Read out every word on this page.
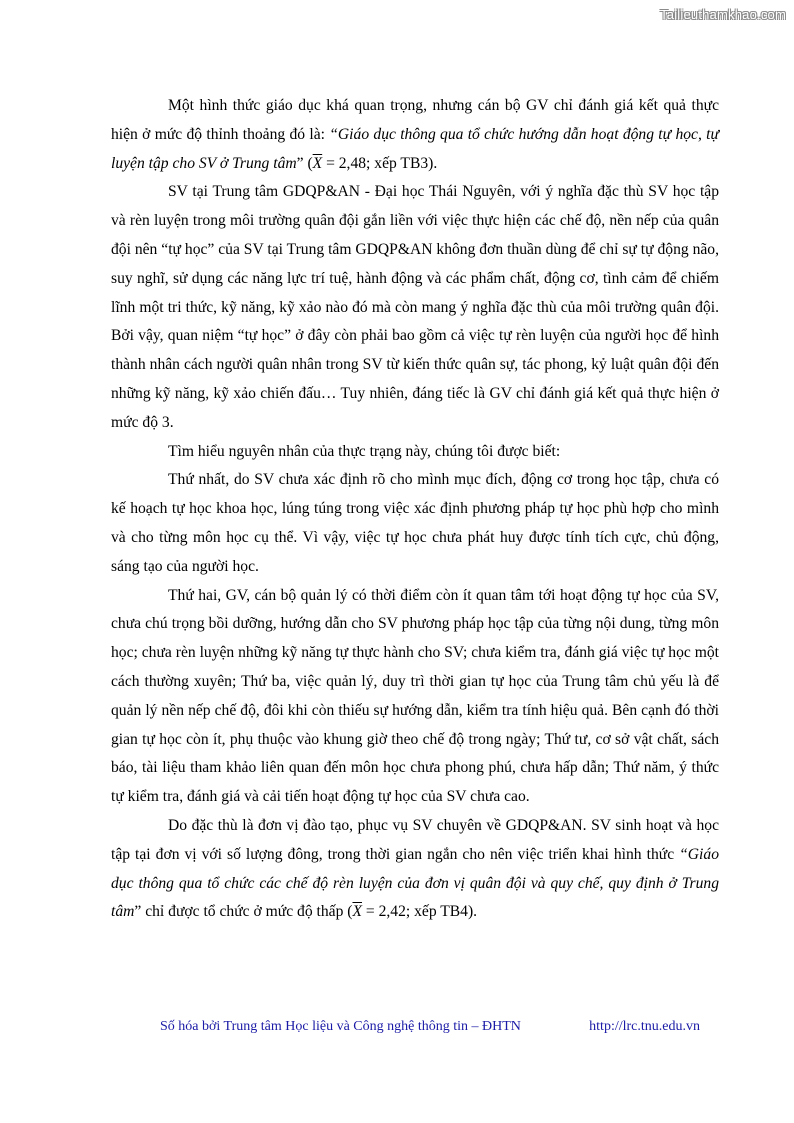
Tailieuthamkhao.com

Một hình thức giáo dục khá quan trọng, nhưng cán bộ GV chỉ đánh giá kết quả thực hiện ở mức độ thỉnh thoảng đó là: “Giáo dục thông qua tổ chức hướng dẫn hoạt động tự học, tự luyện tập cho SV ở Trung tâm” ($\overline{X} = 2,48$; xếp TB3).

SV tại Trung tâm GDQP&AN - Đại học Thái Nguyên, với ý nghĩa đặc thù SV học tập và rèn luyện trong môi trường quân đội gắn liền với việc thực hiện các chế độ, nền nếp của quân đội nên “tự học” của SV tại Trung tâm GDQP&AN không đơn thuần dùng để chỉ sự tự động não, suy nghĩ, sử dụng các năng lực trí tuệ, hành động và các phẩm chất, động cơ, tình cảm để chiếm lĩnh một tri thức, kỹ năng, kỹ xảo nào đó mà còn mang ý nghĩa đặc thù của môi trường quân đội. Bởi vậy, quan niệm “tự học” ở đây còn phải bao gồm cả việc tự rèn luyện của người học để hình thành nhân cách người quân nhân trong SV từ kiến thức quân sự, tác phong, kỷ luật quân đội đến những kỹ năng, kỹ xảo chiến đấu… Tuy nhiên, đáng tiếc là GV chỉ đánh giá kết quả thực hiện ở mức độ 3.

Tìm hiểu nguyên nhân của thực trạng này, chúng tôi được biết:

Thứ nhất, do SV chưa xác định rõ cho mình mục đích, động cơ trong học tập, chưa có kế hoạch tự học khoa học, lúng túng trong việc xác định phương pháp tự học phù hợp cho mình và cho từng môn học cụ thể. Vì vậy, việc tự học chưa phát huy được tính tích cực, chủ động, sáng tạo của người học.

Thứ hai, GV, cán bộ quản lý có thời điểm còn ít quan tâm tới hoạt động tự học của SV, chưa chú trọng bồi dưỡng, hướng dẫn cho SV phương pháp học tập của từng nội dung, từng môn học; chưa rèn luyện những kỹ năng tự thực hành cho SV; chưa kiểm tra, đánh giá việc tự học một cách thường xuyên; Thứ ba, việc quản lý, duy trì thời gian tự học của Trung tâm chủ yếu là để quản lý nền nếp chế độ, đôi khi còn thiếu sự hướng dẫn, kiểm tra tính hiệu quả. Bên cạnh đó thời gian tự học còn ít, phụ thuộc vào khung giờ theo chế độ trong ngày; Thứ tư, cơ sở vật chất, sách báo, tài liệu tham khảo liên quan đến môn học chưa phong phú, chưa hấp dẫn; Thứ năm, ý thức tự kiểm tra, đánh giá và cải tiến hoạt động tự học của SV chưa cao.

Do đặc thù là đơn vị đào tạo, phục vụ SV chuyên về GDQP&AN. SV sinh hoạt và học tập tại đơn vị với số lượng đông, trong thời gian ngắn cho nên việc triển khai hình thức “Giáo dục thông qua tổ chức các chế độ rèn luyện của đơn vị quân đội và quy chế, quy định ở Trung tâm” chỉ được tổ chức ở mức độ thấp ($\overline{X} = 2,42$; xếp TB4).

Số hóa bởi Trung tâm Học liệu và Công nghệ thông tin – ĐHTN	http://lrc.tnu.edu.vn
